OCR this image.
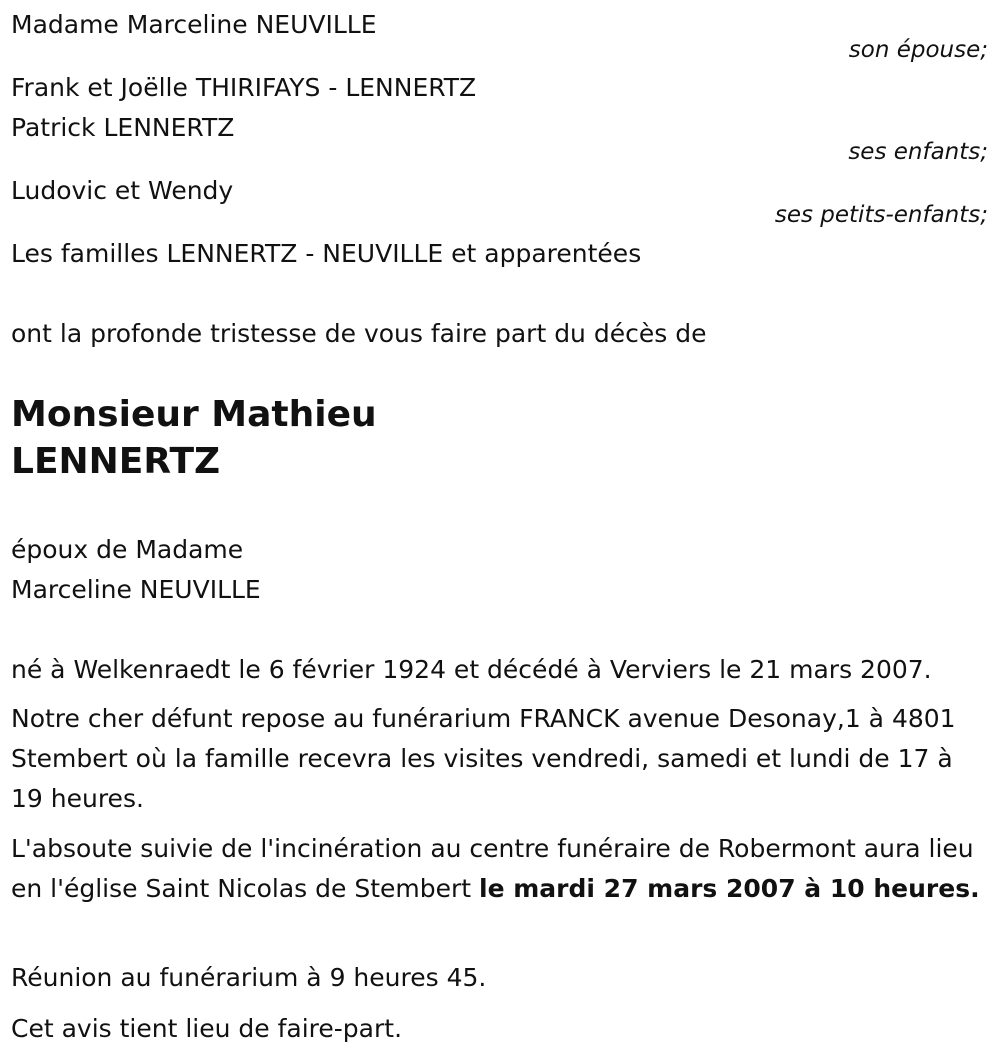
Madame Marceline NEUVILLE
son épouse;
Frank et Joëlle THIRIFAYS - LENNERTZ
Patrick LENNERTZ
ses enfants;
Ludovic et Wendy
ses petits-enfants;
Les familles LENNERTZ - NEUVILLE et apparentées
ont la profonde tristesse de vous faire part du décès de
Monsieur Mathieu
LENNERTZ
époux de Madame
Marceline NEUVILLE
né à Welkenraedt le 6 février 1924 et décédé à Verviers le 21 mars 2007.
Notre cher défunt repose au funérarium FRANCK avenue Desonay,1 à 4801 Stembert où la famille recevra les visites vendredi, samedi et lundi de 17 à 19 heures.
L'absoute suivie de l'incinération au centre funéraire de Robermont aura lieu en l'église Saint Nicolas de Stembert le mardi 27 mars 2007 à 10 heures.
Réunion au funérarium à 9 heures 45.
Cet avis tient lieu de faire-part.
